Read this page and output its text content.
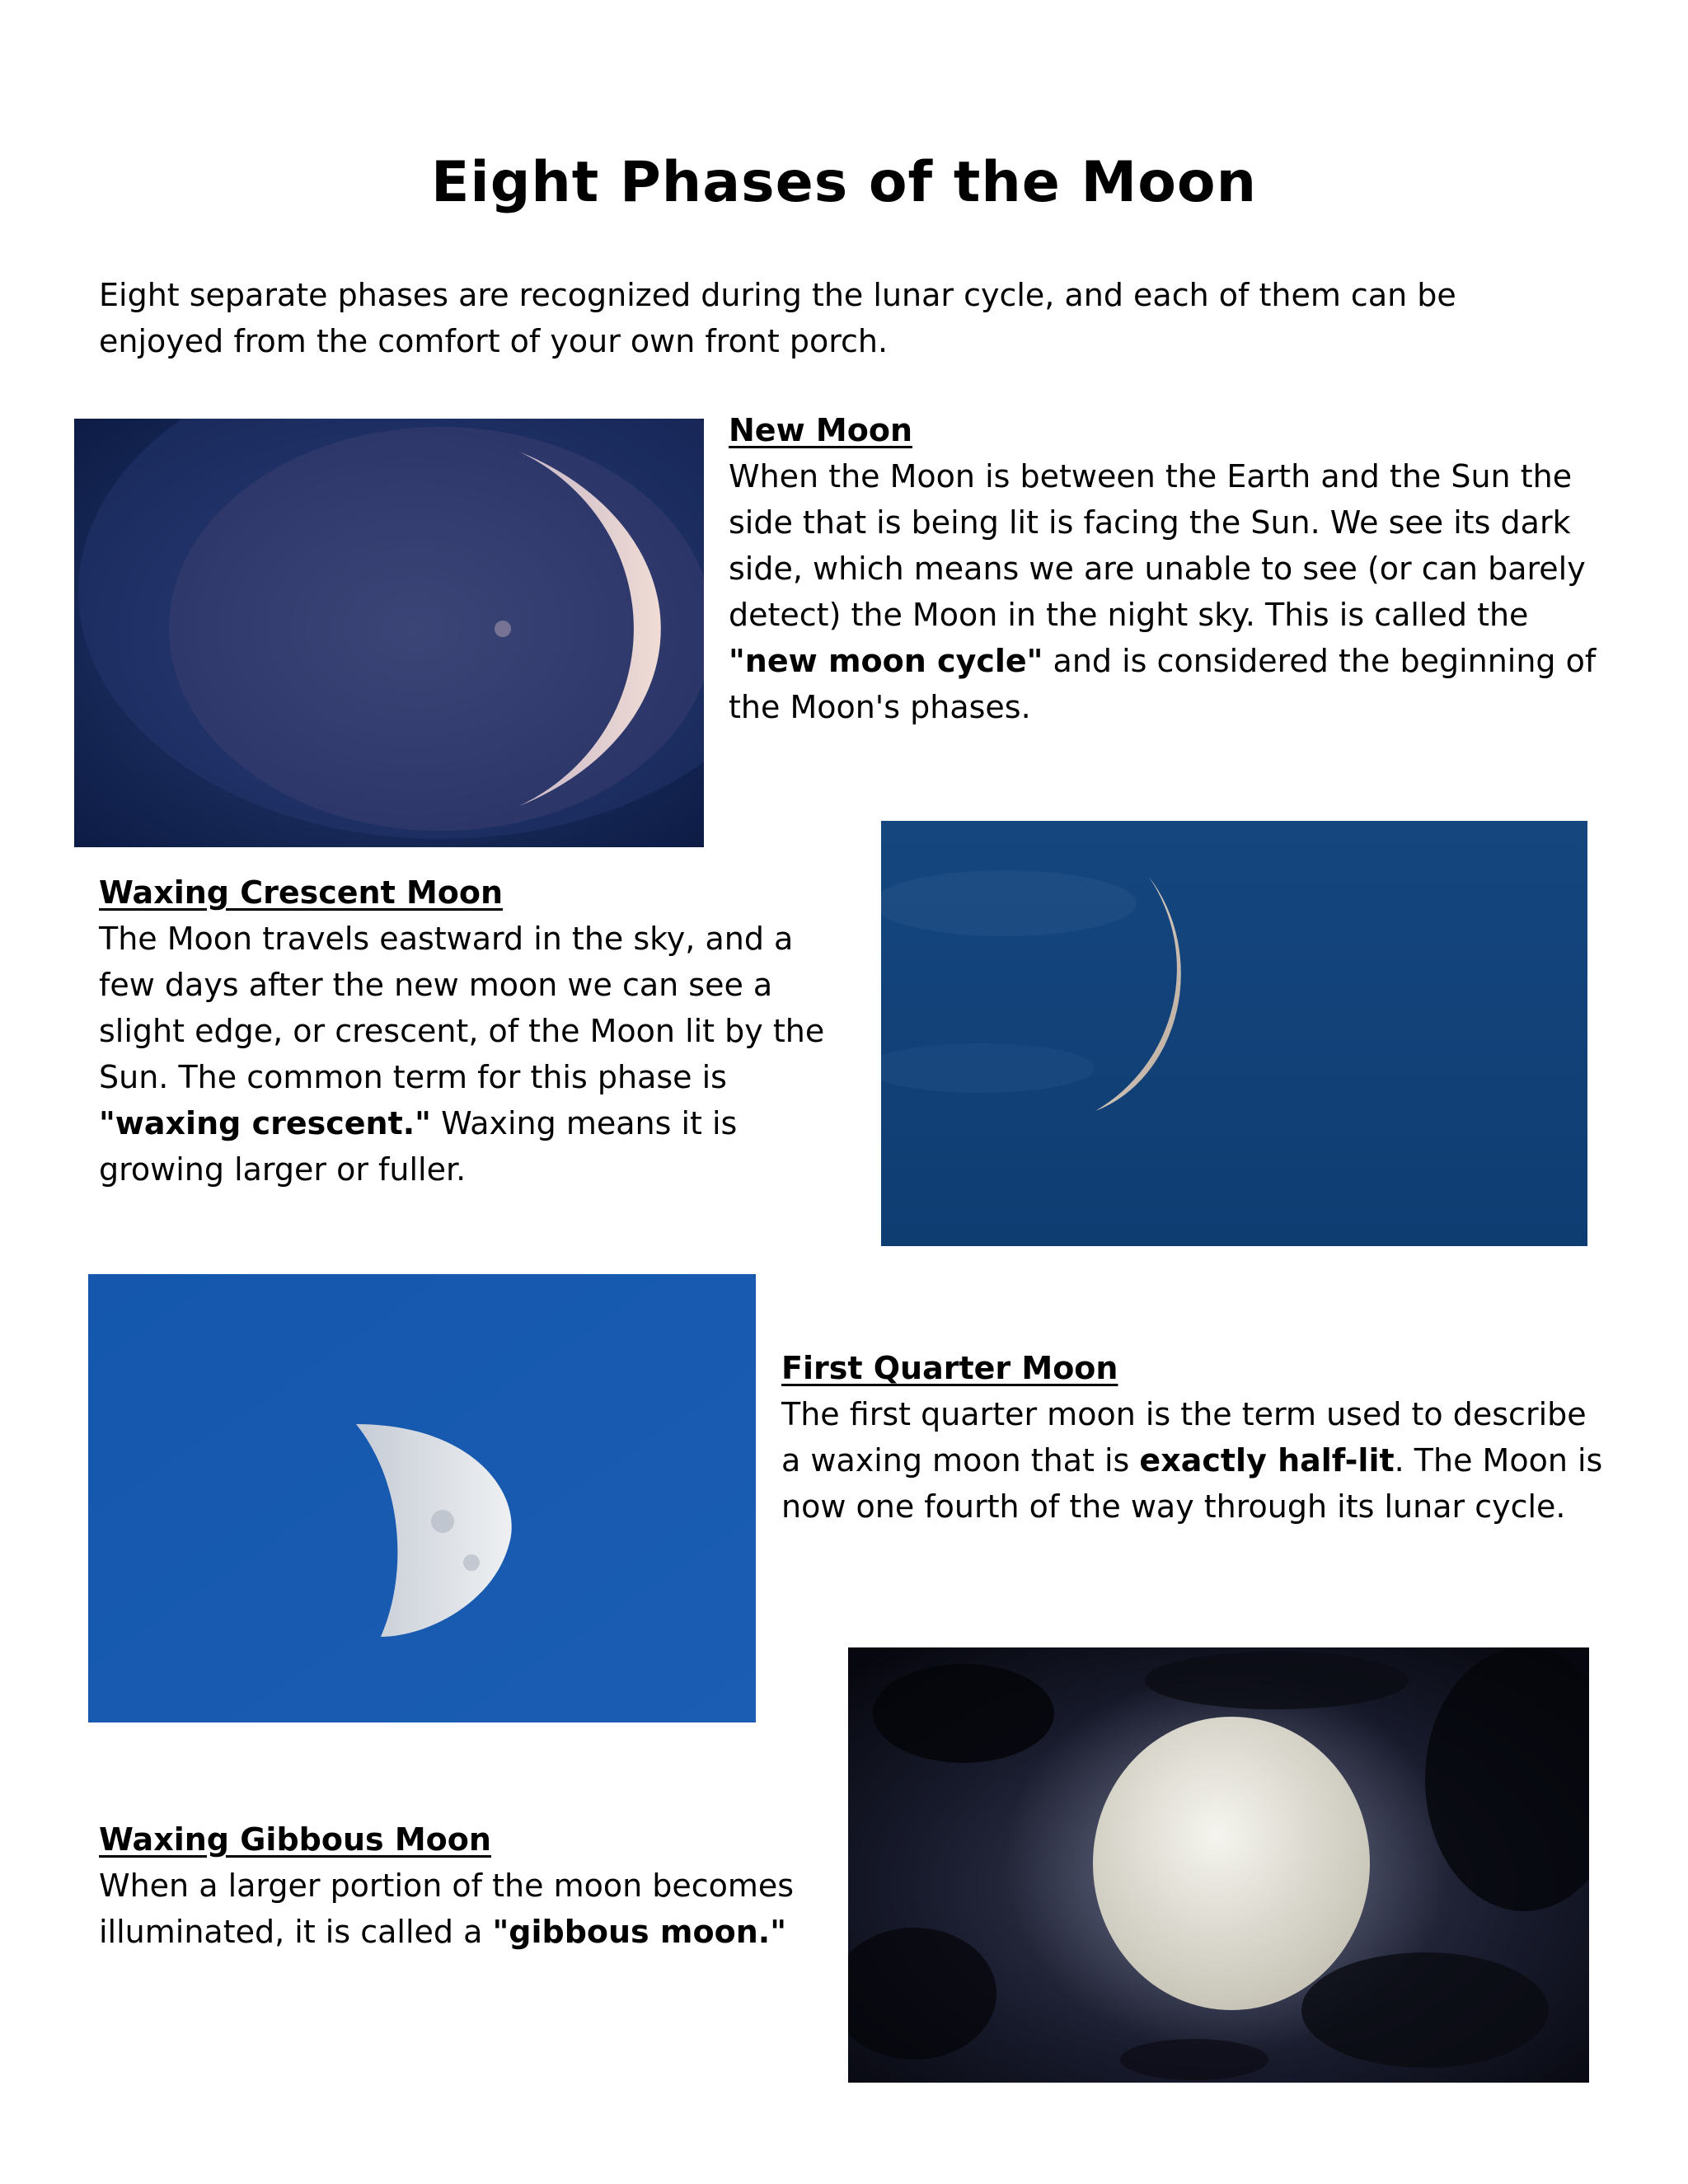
Eight Phases of the Moon

Eight separate phases are recognized during the lunar cycle, and each of them can be enjoyed from the comfort of your own front porch.

New Moon

When the Moon is between the Earth and the Sun the side that is being lit is facing the Sun. We see its dark side, which means we are unable to see (or can barely detect) the Moon in the night sky. This is called the "new moon cycle" and is considered the beginning of the Moon's phases.

Waxing Crescent Moon

The Moon travels eastward in the sky, and a few days after the new moon we can see a slight edge, or crescent, of the Moon lit by the Sun. The common term for this phase is "waxing crescent." Waxing means it is growing larger or fuller.

First Quarter Moon

The first quarter moon is the term used to describe a waxing moon that is exactly half-lit. The Moon is now one fourth of the way through its lunar cycle.

Waxing Gibbous Moon

When a larger portion of the moon becomes illuminated, it is called a "gibbous moon."
